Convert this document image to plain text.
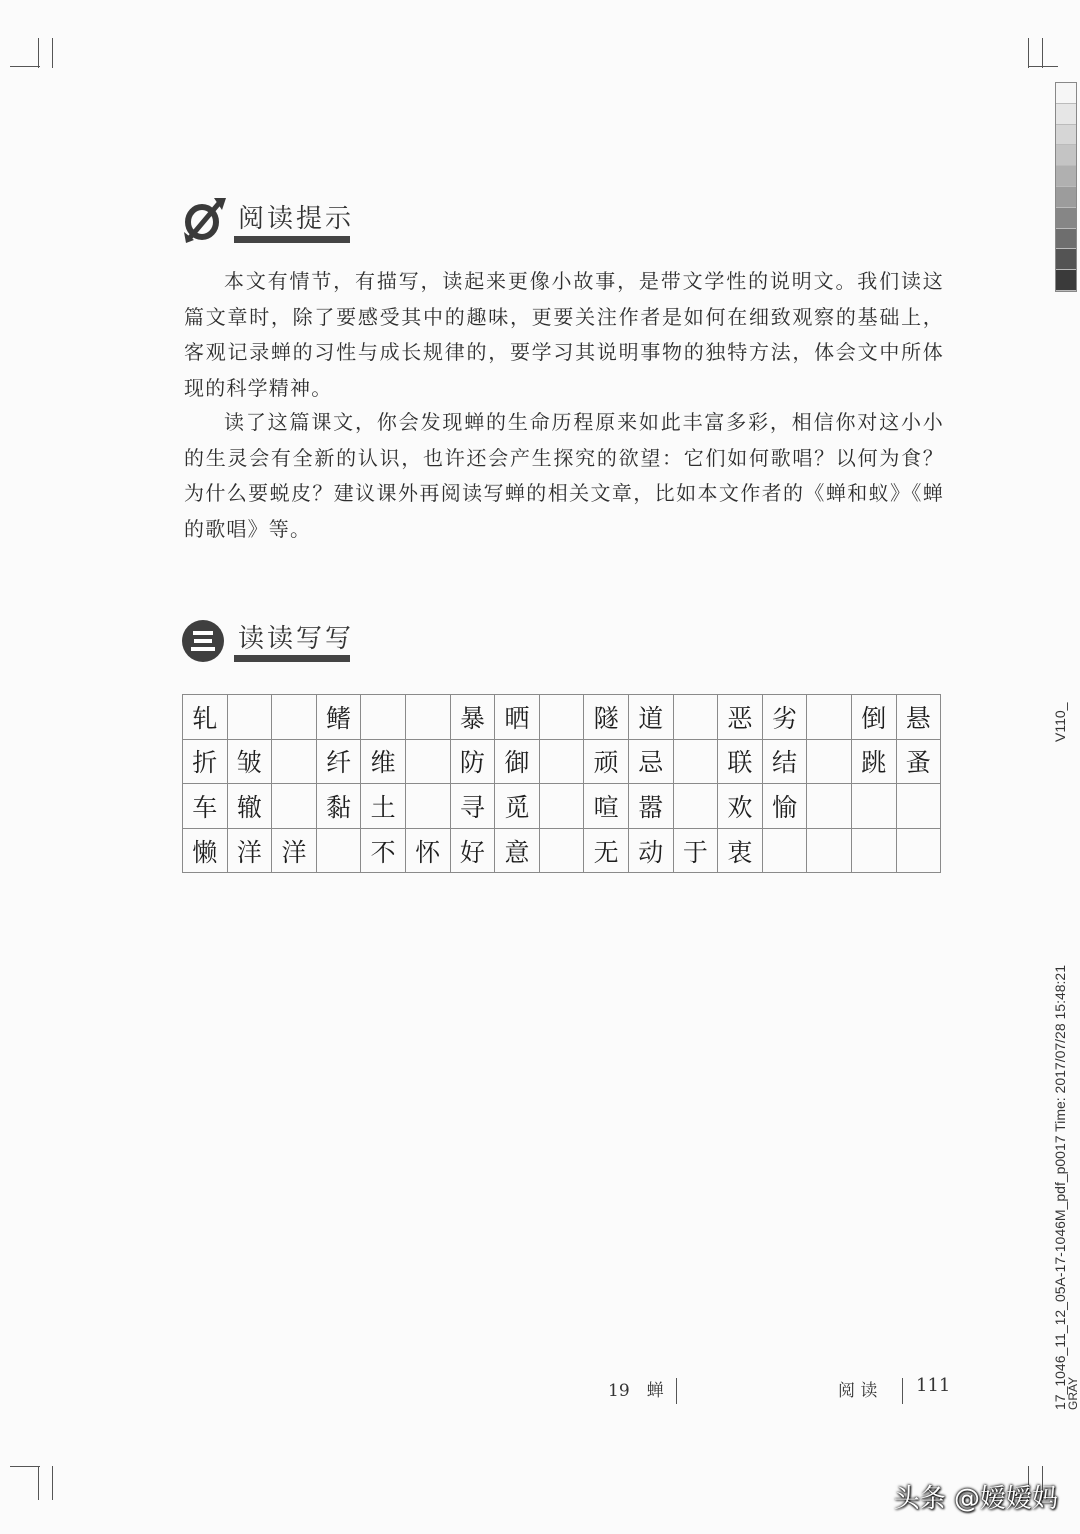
阅读提示

本文有情节，有描写，读起来更像小故事，是带文学性的说明文。我们读这篇文章时，除了要感受其中的趣味，更要关注作者是如何在细致观察的基础上，客观记录蝉的习性与成长规律的，要学习其说明事物的独特方法，体会文中所体现的科学精神。

读了这篇课文，你会发现蝉的生命历程原来如此丰富多彩，相信你对这小小的生灵会有全新的认识，也许还会产生探究的欲望：它们如何歌唱？以何为食？为什么要蜕皮？建议课外再阅读写蝉的相关文章，比如本文作者的《蝉和蚁》《蝉的歌唱》等。

读读写写
轧			鳍			暴	晒		隧	道		恶	劣		倒	悬
折	皱		纤	维		防	御		顽	忌		联	结		跳	蚤
车	辙		黏	土		寻	觅		喧	嚣		欢	愉			
懒	洋	洋		不	怀	好	意		无	动	于	衷				
V110_
17_1046_11_12_05A-17-1046M_pdf_p0017 Time: 2017/07/28 15:48:21
GRAY
19　蝉	阅 读 111
头条 @嫒嫒妈
